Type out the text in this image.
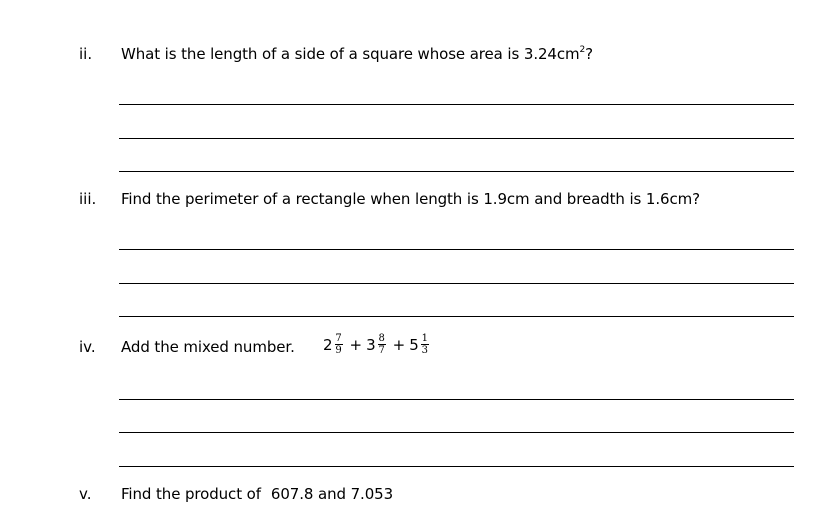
ii. What is the length of a side of a square whose area is $3.24cm^2$?
iii. Find the perimeter of a rectangle when length is 1.9cm and breadth is 1.6cm?
iv. Add the mixed number. $2 \frac{7}{9} + 3 \frac{8}{7} + 5 \frac{1}{3}$
v. Find the product of 607.8 and 7.053
